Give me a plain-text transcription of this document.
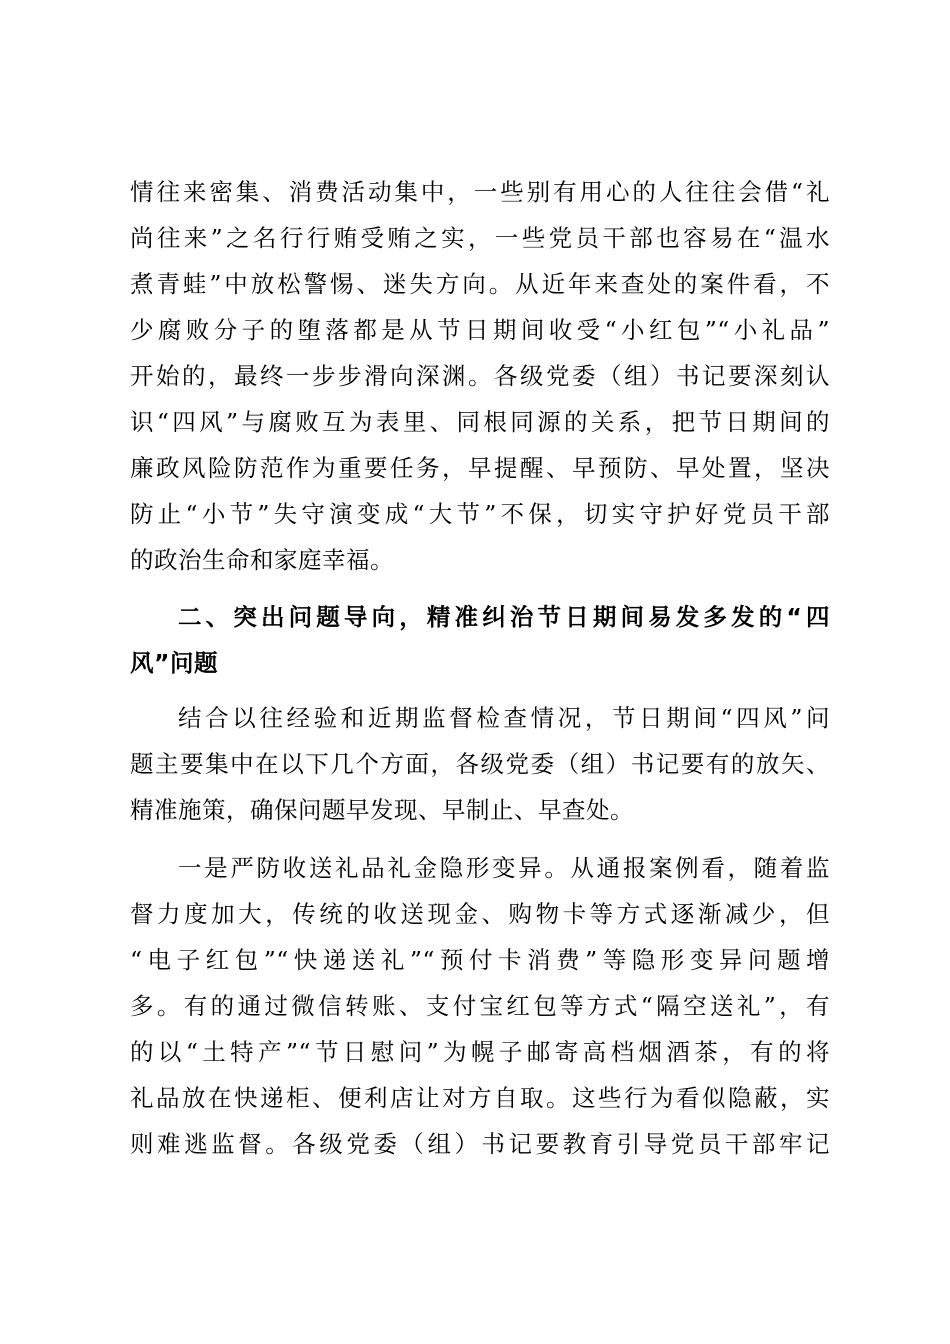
情往来密集、消费活动集中，一些别有用心的人往往会借“礼
尚往来”之名行行贿受贿之实，一些党员干部也容易在“温水
煮青蛙”中放松警惕、迷失方向。从近年来查处的案件看，不
少腐败分子的堕落都是从节日期间收受“小红包”“小礼品”
开始的，最终一步步滑向深渊。各级党委（组）书记要深刻认
识“四风”与腐败互为表里、同根同源的关系，把节日期间的
廉政风险防范作为重要任务，早提醒、早预防、早处置，坚决
防止“小节”失守演变成“大节”不保，切实守护好党员干部
的政治生命和家庭幸福。
二、突出问题导向，精准纠治节日期间易发多发的“四
风”问题
结合以往经验和近期监督检查情况，节日期间“四风”问
题主要集中在以下几个方面，各级党委（组）书记要有的放矢、
精准施策，确保问题早发现、早制止、早查处。
一是严防收送礼品礼金隐形变异。从通报案例看，随着监
督力度加大，传统的收送现金、购物卡等方式逐渐减少，但
“电子红包”“快递送礼”“预付卡消费”等隐形变异问题增
多。有的通过微信转账、支付宝红包等方式“隔空送礼”，有
的以“土特产”“节日慰问”为幌子邮寄高档烟酒茶，有的将
礼品放在快递柜、便利店让对方自取。这些行为看似隐蔽，实
则难逃监督。各级党委（组）书记要教育引导党员干部牢记
